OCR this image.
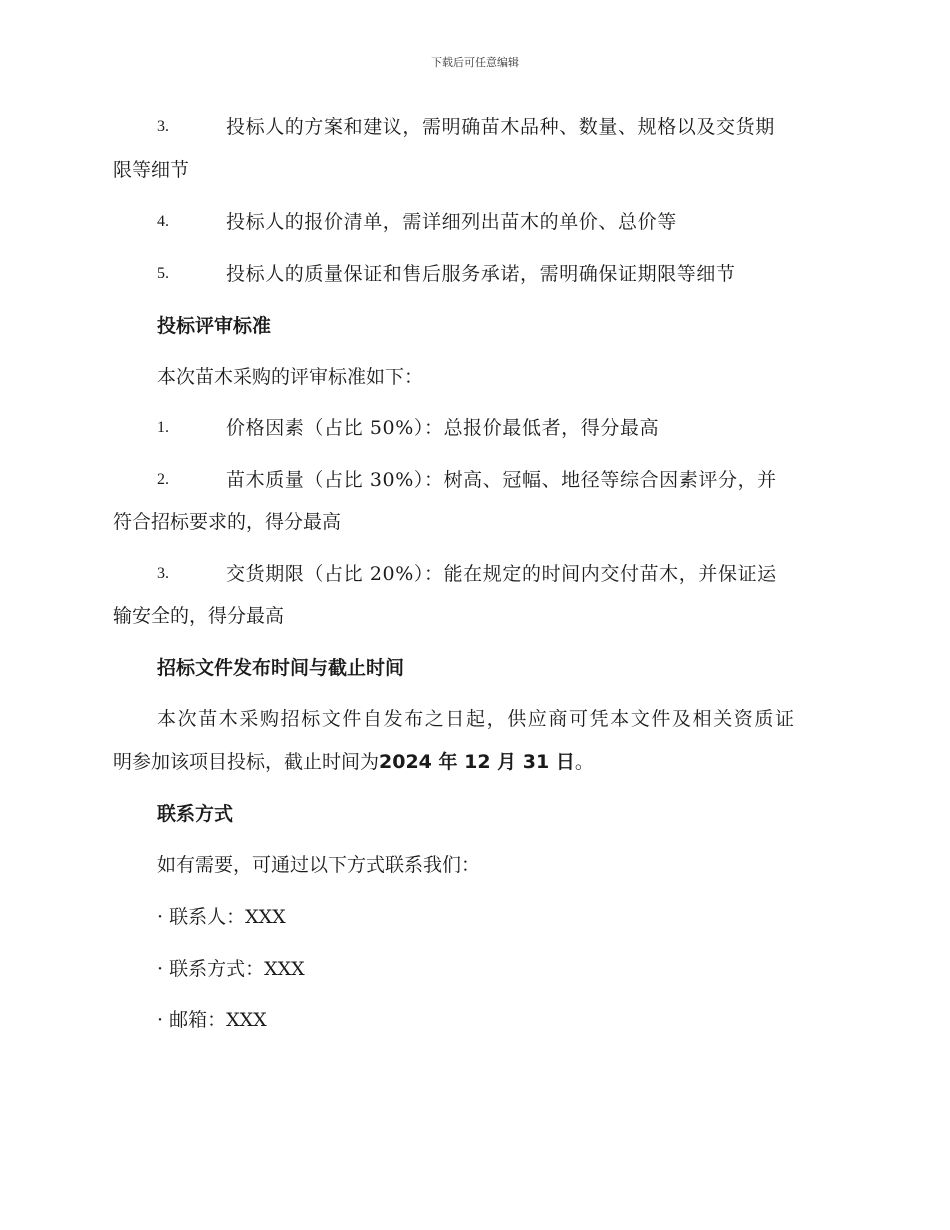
下载后可任意编辑
3.	投标人的方案和建议，需明确苗木品种、数量、规格以及交货期
限等细节
4.	投标人的报价清单，需详细列出苗木的单价、总价等
5.	投标人的质量保证和售后服务承诺，需明确保证期限等细节
投标评审标准
本次苗木采购的评审标准如下：
1.	价格因素（占比 50%）：总报价最低者，得分最高
2.	苗木质量（占比 30%）：树高、冠幅、地径等综合因素评分，并
符合招标要求的，得分最高
3.	交货期限（占比 20%）：能在规定的时间内交付苗木，并保证运
输安全的，得分最高
招标文件发布时间与截止时间
本次苗木采购招标文件自发布之日起，供应商可凭本文件及相关资质证
明参加该项目投标，截止时间为2024 年 12 月 31 日。
联系方式
如有需要，可通过以下方式联系我们：
· 联系人：XXX
· 联系方式：XXX
· 邮箱：XXX
